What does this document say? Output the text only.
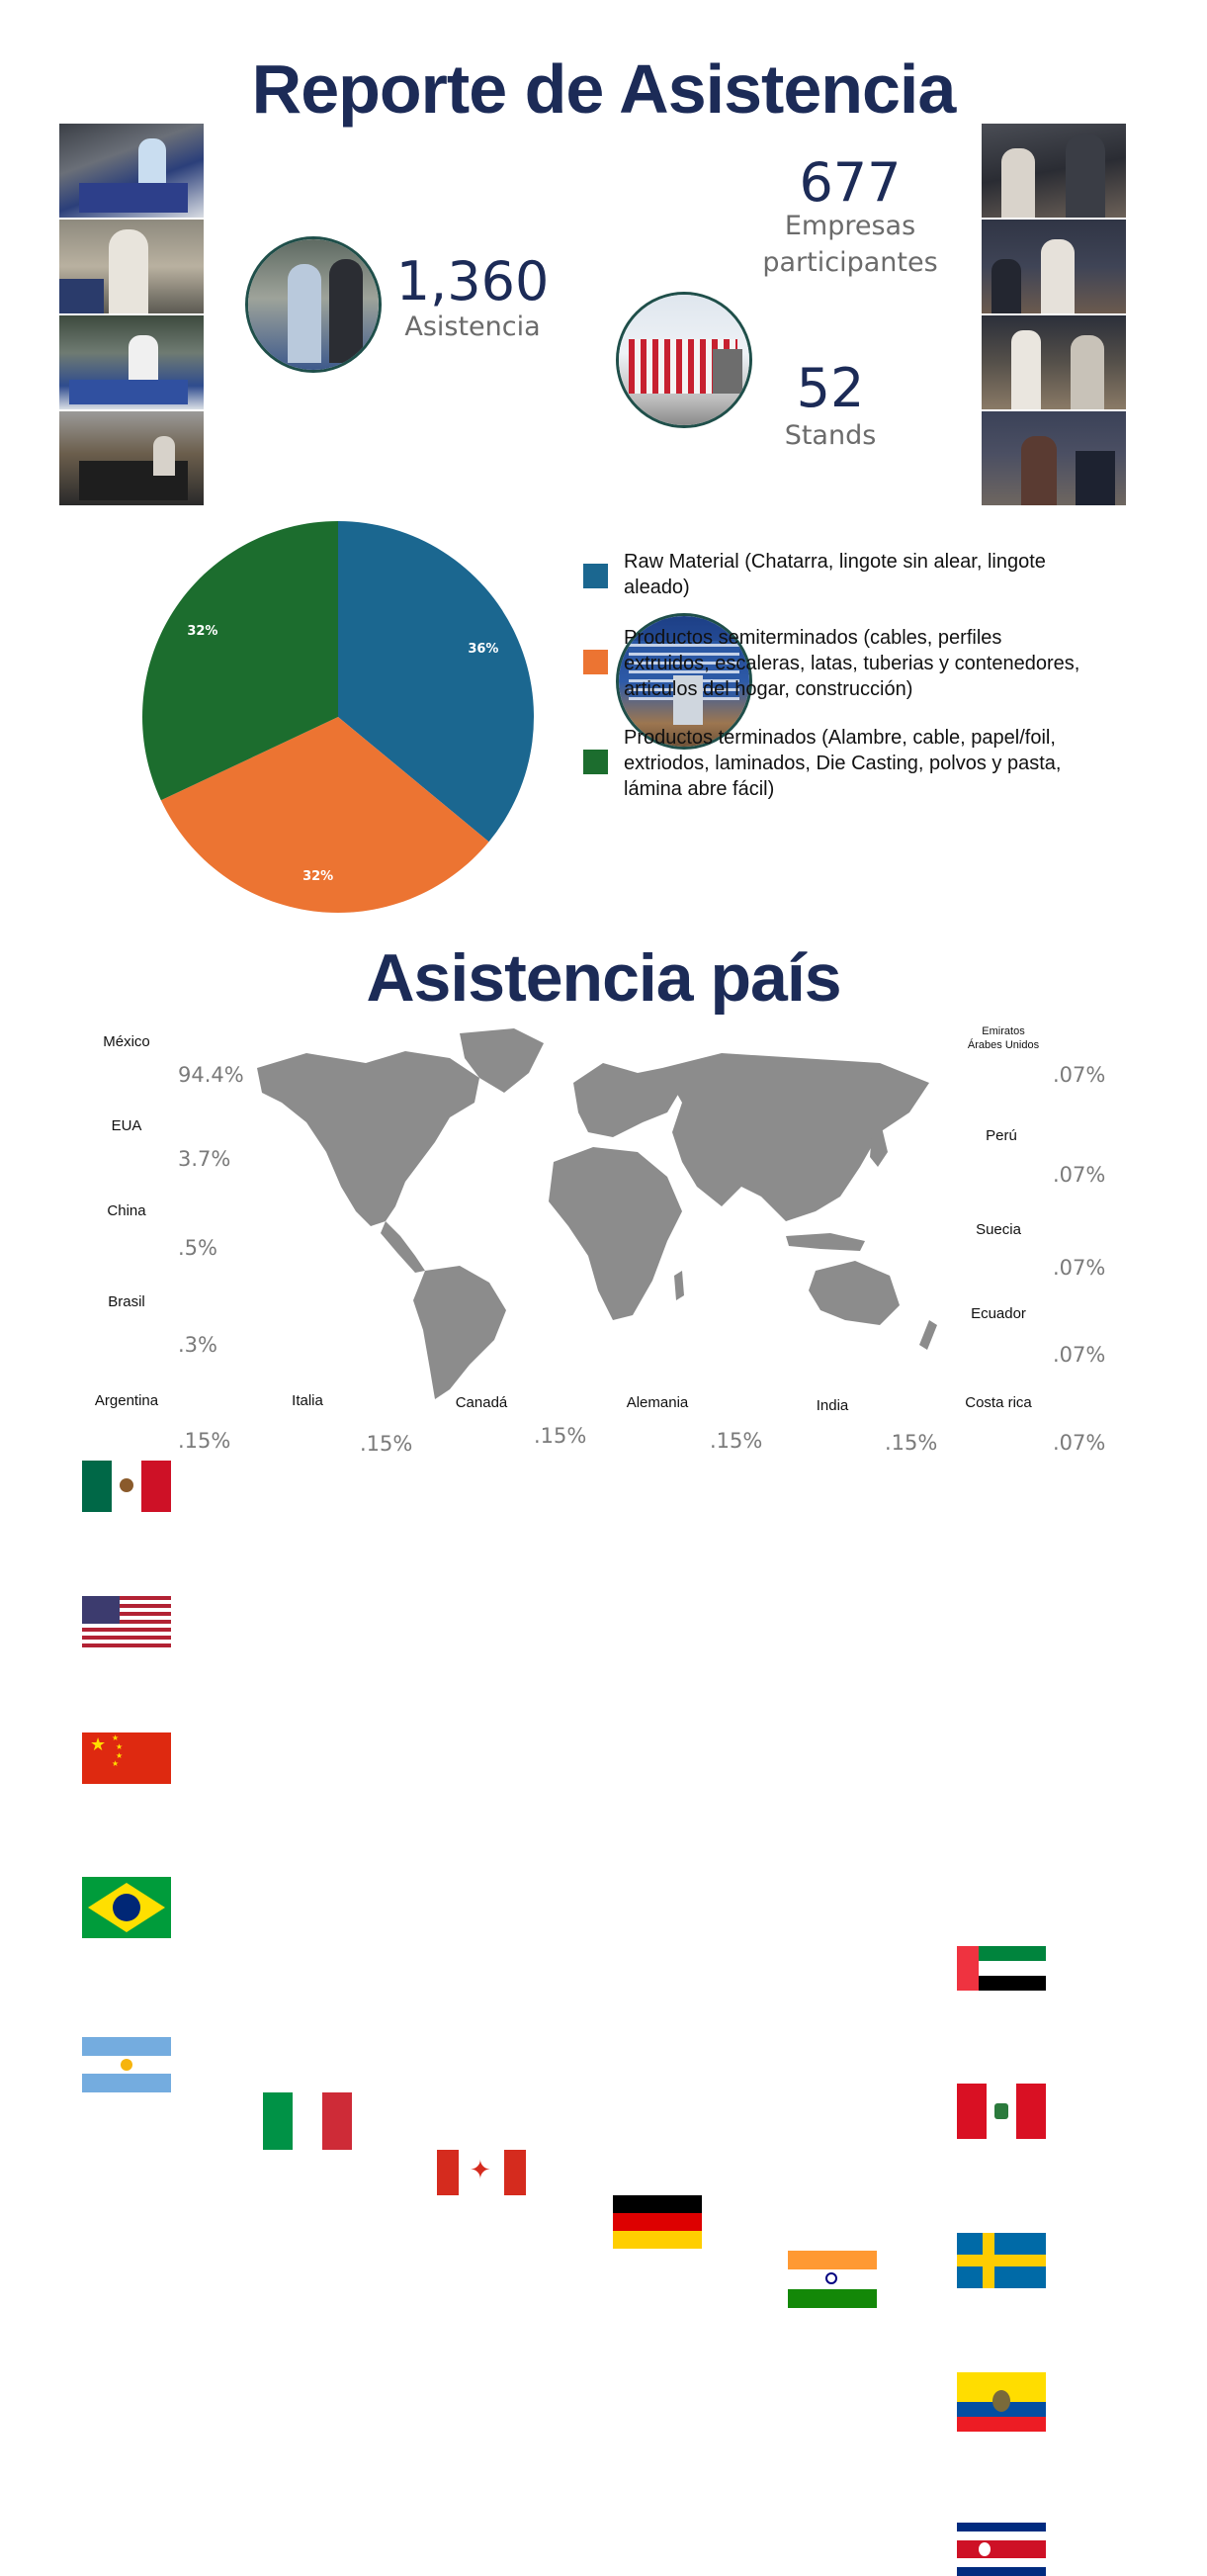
Reporte de Asistencia
1,360
Asistencia
677
Empresas
participantes
52
Stands
36%
32%
32%
Raw Material (Chatarra, lingote sin alear, lingote
aleado)
Productos semiterminados (cables, perfiles
extruidos, escaleras, latas, tuberias y contenedores,
articulos del hogar, construcción)
Productos terminados (Alambre, cable, papel/foil,
extriodos, laminados, Die Casting, polvos y pasta,
lámina abre fácil)
Asistencia país
México
94.4%
EUA
3.7%
China
★ ★
★
★
★
.5%
Brasil
.3%
Argentina
.15%
Italia
.15%
Canadá
✦
.15%
Alemania
.15%
India
.15%
Emiratos
Árabes Unidos
.07%
Perú
.07%
Suecia
.07%
Ecuador
.07%
Costa rica
.07%
